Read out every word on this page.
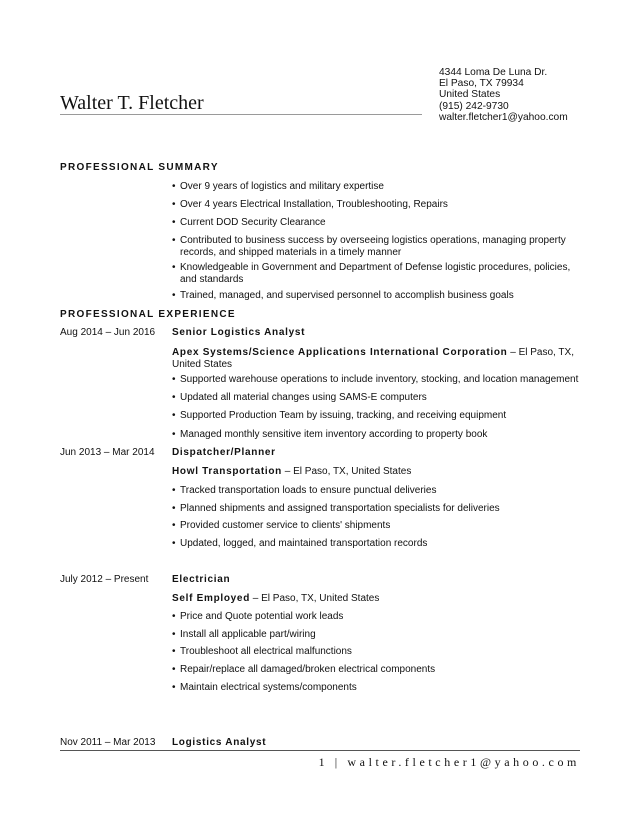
Walter T. Fletcher
4344 Loma De Luna Dr.
El Paso, TX 79934
United States
(915) 242-9730
walter.fletcher1@yahoo.com
PROFESSIONAL SUMMARY
• Over 9 years of logistics and military expertise
• Over 4 years Electrical Installation, Troubleshooting, Repairs
• Current DOD Security Clearance
• Contributed to business success by overseeing logistics operations, managing property records, and shipped materials in a timely manner
• Knowledgeable in Government and Department of Defense logistic procedures, policies, and standards
• Trained, managed, and supervised personnel to accomplish business goals
PROFESSIONAL EXPERIENCE
Aug 2014 – Jun 2016 Senior Logistics Analyst
Apex Systems/Science Applications International Corporation – El Paso, TX, United States
• Supported warehouse operations to include inventory, stocking, and location management
• Updated all material changes using SAMS-E computers
• Supported Production Team by issuing, tracking, and receiving equipment
• Managed monthly sensitive item inventory according to property book
Jun 2013 – Mar 2014 Dispatcher/Planner
Howl Transportation – El Paso, TX, United States
• Tracked transportation loads to ensure punctual deliveries
• Planned shipments and assigned transportation specialists for deliveries
• Provided customer service to clients' shipments
• Updated, logged, and maintained transportation records
July 2012 – Present Electrician
Self Employed – El Paso, TX, United States
• Price and Quote potential work leads
• Install all applicable part/wiring
• Troubleshoot all electrical malfunctions
• Repair/replace all damaged/broken electrical components
• Maintain electrical systems/components
Nov 2011 – Mar 2013 Logistics Analyst
1 | walter.fletcher1@yahoo.com
